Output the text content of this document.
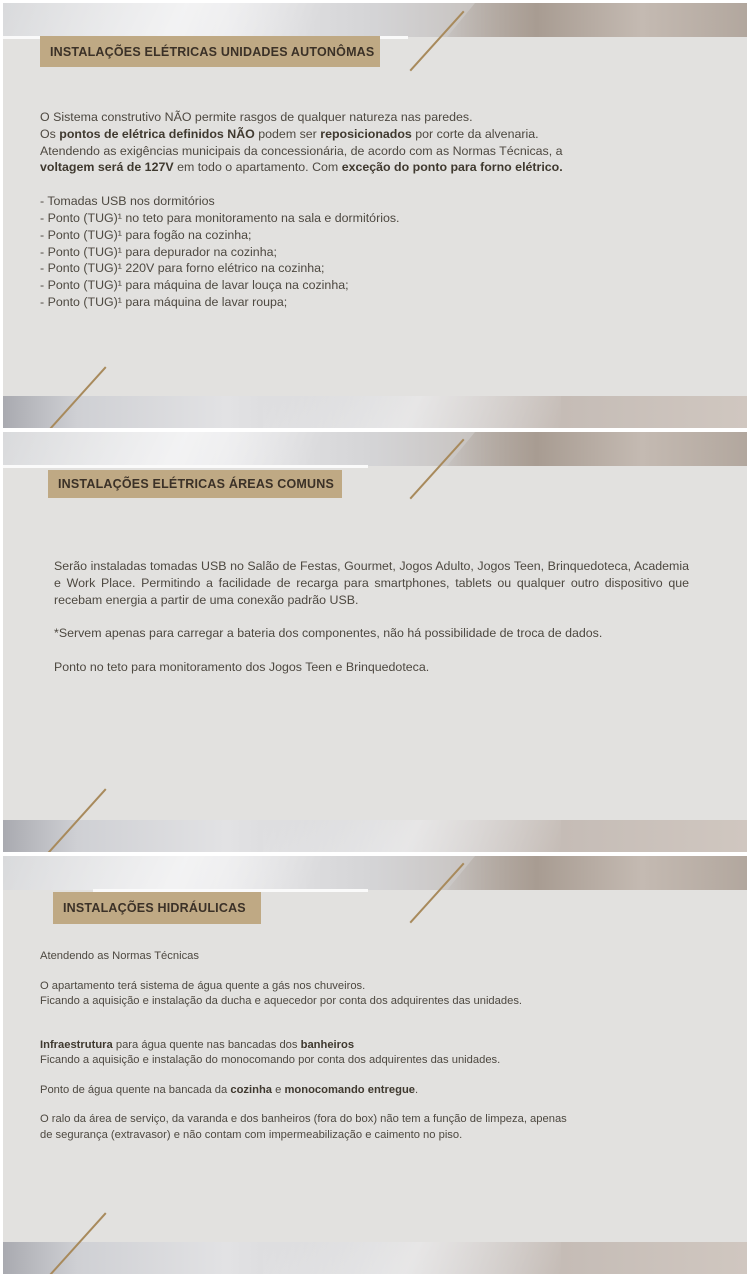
INSTALAÇÕES ELÉTRICAS UNIDADES AUTONÔMAS

O Sistema construtivo NÃO permite rasgos de qualquer natureza nas paredes.

Os pontos de elétrica definidos NÃO podem ser reposicionados por corte da alvenaria.

Atendendo as exigências municipais da concessionária, de acordo com as Normas Técnicas, a

voltagem será de 127V em todo o apartamento. Com exceção do ponto para forno elétrico.

- Tomadas USB nos dormitórios

- Ponto (TUG)¹ no teto para monitoramento na sala e dormitórios.

- Ponto (TUG)¹ para fogão na cozinha;

- Ponto (TUG)¹ para depurador na cozinha;

- Ponto (TUG)¹ 220V para forno elétrico na cozinha;

- Ponto (TUG)¹ para máquina de lavar louça na cozinha;

- Ponto (TUG)¹ para máquina de lavar roupa;

INSTALAÇÕES ELÉTRICAS ÁREAS COMUNS

Serão instaladas tomadas USB no Salão de Festas, Gourmet, Jogos Adulto, Jogos Teen, Brinquedoteca, Academia e Work Place. Permitindo a facilidade de recarga para smartphones, tablets ou qualquer outro dispositivo que recebam energia a partir de uma conexão padrão USB.

*Servem apenas para carregar a bateria dos componentes, não há possibilidade de troca de dados.

Ponto no teto para monitoramento dos Jogos Teen e Brinquedoteca.

INSTALAÇÕES HIDRÁULICAS

Atendendo as Normas Técnicas

O apartamento terá sistema de água quente a gás nos chuveiros.

Ficando a aquisição e instalação da ducha e aquecedor por conta dos adquirentes das unidades.

Infraestrutura para água quente nas bancadas dos banheiros

Ficando a aquisição e instalação do monocomando por conta dos adquirentes das unidades.

Ponto de água quente na bancada da cozinha e monocomando entregue.

O ralo da área de serviço, da varanda e dos banheiros (fora do box) não tem a função de limpeza, apenas

de segurança (extravasor) e não contam com impermeabilização e caimento no piso.
